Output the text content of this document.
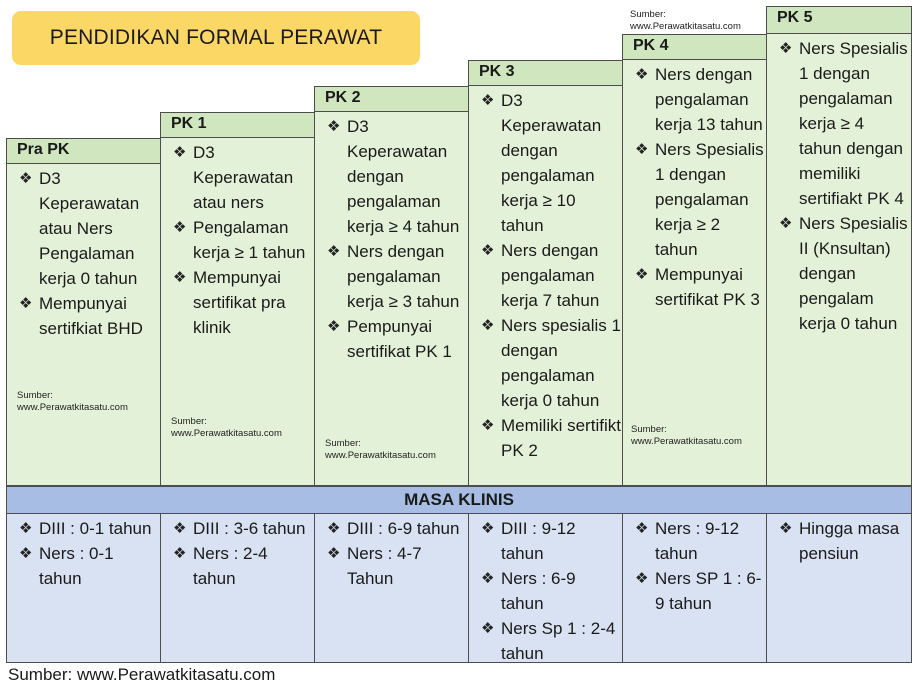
PENDIDIKAN FORMAL PERAWAT
Pra PK
❖ D3 Keperawatan atau Ners Pengalaman kerja 0 tahun
❖ Mempunyai sertifkiat BHD
Sumber:
www.Perawatkitasatu.com
PK 1
❖ D3 Keperawatan atau ners
❖ Pengalaman kerja ≥ 1 tahun
❖ Mempunyai sertifikat pra klinik
Sumber:
www.Perawatkitasatu.com
PK 2
❖ D3 Keperawatan dengan pengalaman kerja ≥ 4 tahun
❖ Ners dengan pengalaman kerja ≥ 3 tahun
❖ Pempunyai sertifikat PK 1
Sumber:
www.Perawatkitasatu.com
PK 3
❖ D3 Keperawatan dengan pengalaman kerja ≥ 10 tahun
❖ Ners dengan pengalaman kerja 7 tahun
❖ Ners spesialis 1 dengan pengalaman kerja 0 tahun
❖ Memiliki sertifikt PK 2
Sumber:
www.Perawatkitasatu.com
PK 4
❖ Ners dengan pengalaman kerja 13 tahun
❖ Ners Spesialis 1 dengan pengalaman kerja ≥ 2 tahun
❖ Mempunyai sertifikat PK 3
Sumber:
www.Perawatkitasatu.com
PK 5
❖ Ners Spesialis 1 dengan pengalaman kerja ≥ 4 tahun dengan memiliki sertifiakt PK 4
❖ Ners Spesialis II (Knsultan) dengan pengalam kerja 0 tahun
MASA KLINIS
❖ DIII : 0-1 tahun
❖ Ners : 0-1 tahun
❖ DIII : 3-6 tahun
❖ Ners : 2-4 tahun
❖ DIII : 6-9 tahun
❖ Ners : 4-7 Tahun
❖ DIII : 9-12 tahun
❖ Ners : 6-9 tahun
❖ Ners Sp 1 : 2-4 tahun
❖ Ners : 9-12 tahun
❖ Ners SP 1 : 6-9 tahun
❖ Hingga masa pensiun
Sumber: www.Perawatkitasatu.com
